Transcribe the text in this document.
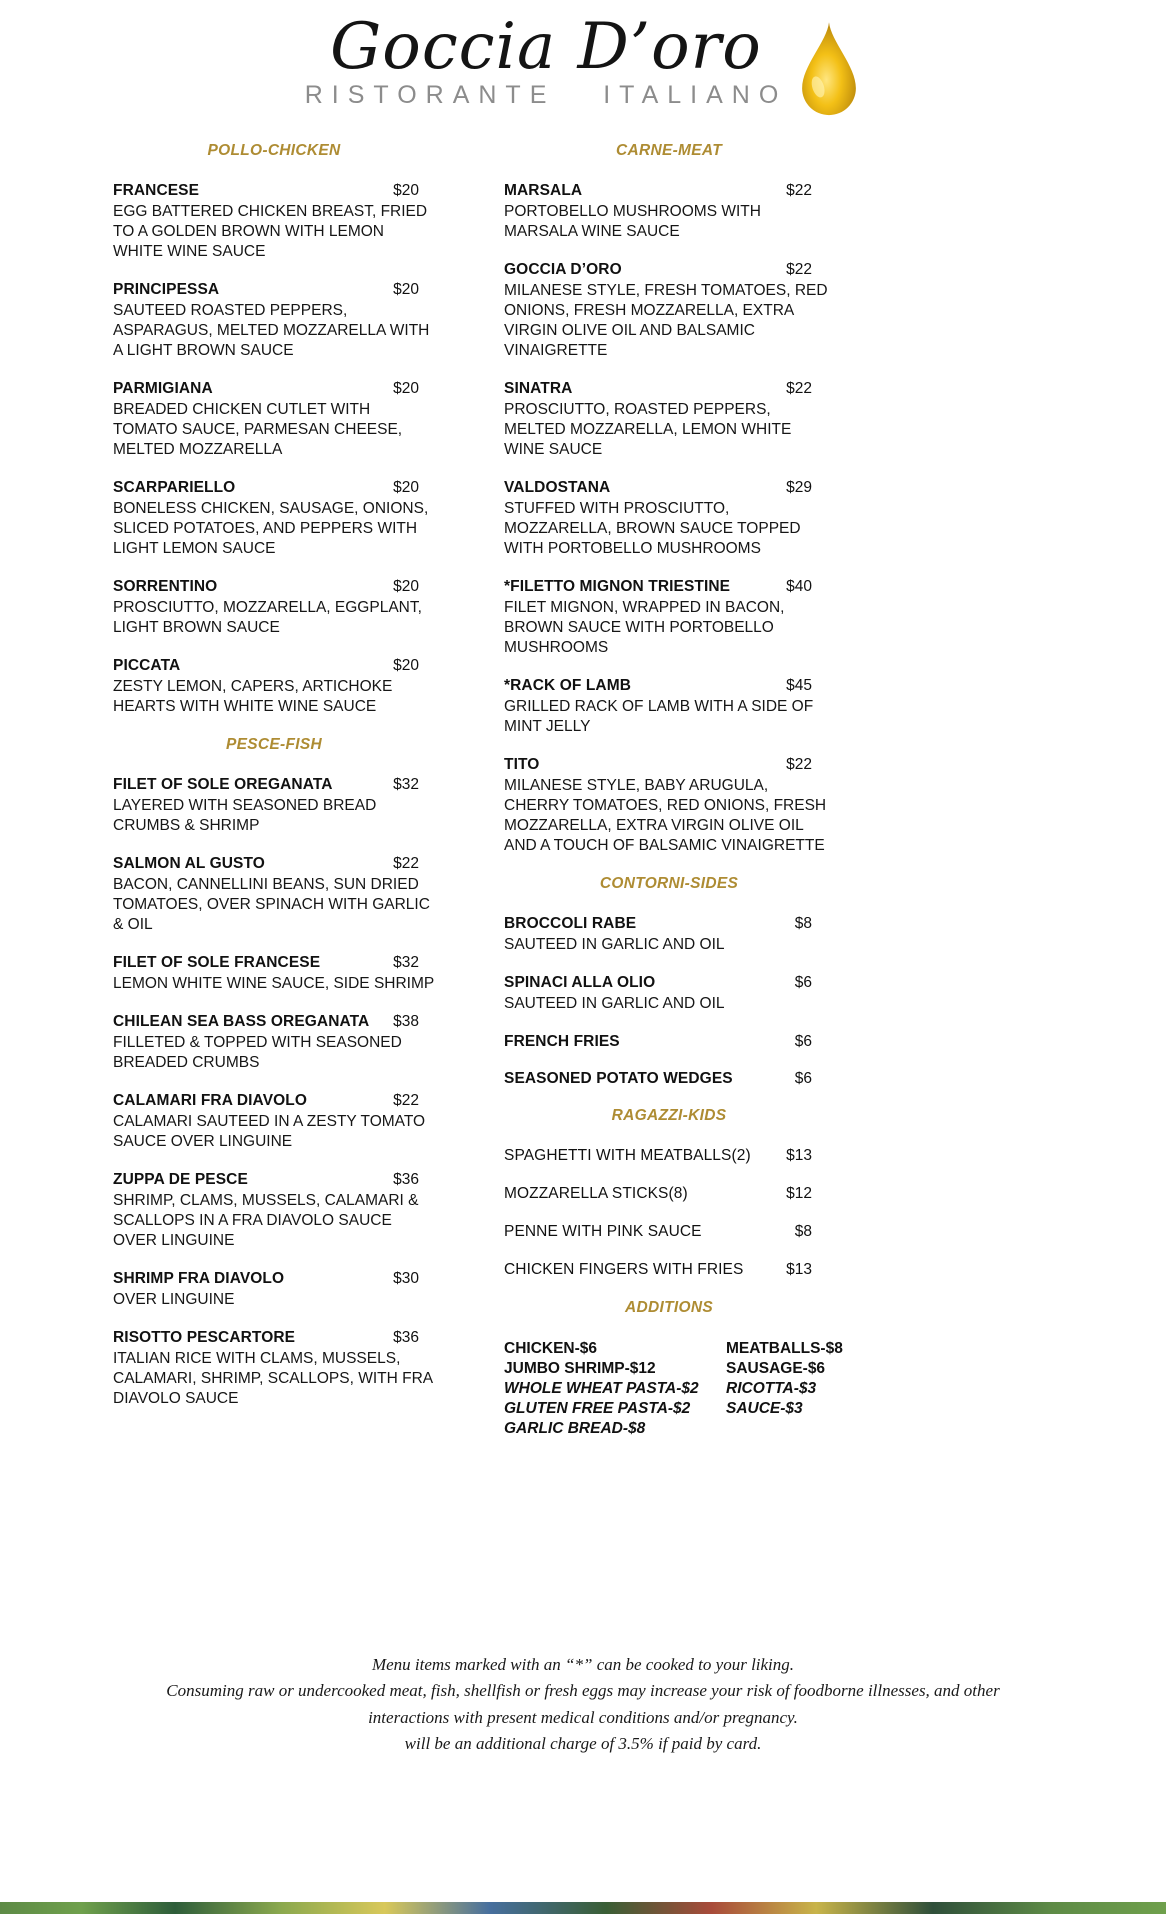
Goccia D’oro
RISTORANTE   ITALIANO
POLLO-CHICKEN
FRANCESE	$20
EGG BATTERED CHICKEN BREAST, FRIED TO A GOLDEN BROWN WITH LEMON WHITE WINE SAUCE
PRINCIPESSA	$20
SAUTEED ROASTED PEPPERS, ASPARAGUS, MELTED MOZZARELLA WITH A LIGHT BROWN SAUCE
PARMIGIANA	$20
BREADED CHICKEN CUTLET WITH TOMATO SAUCE, PARMESAN CHEESE, MELTED MOZZARELLA
SCARPARIELLO	$20
BONELESS CHICKEN, SAUSAGE, ONIONS, SLICED POTATOES, AND PEPPERS WITH LIGHT LEMON SAUCE
SORRENTINO	$20
PROSCIUTTO, MOZZARELLA, EGGPLANT, LIGHT BROWN SAUCE
PICCATA	$20
ZESTY LEMON, CAPERS, ARTICHOKE HEARTS WITH WHITE WINE SAUCE
PESCE-FISH
FILET OF SOLE OREGANATA	$32
LAYERED WITH SEASONED BREAD CRUMBS & SHRIMP
SALMON AL GUSTO	$22
BACON, CANNELLINI BEANS, SUN DRIED TOMATOES, OVER SPINACH WITH GARLIC & OIL
FILET OF SOLE FRANCESE	$32
LEMON WHITE WINE SAUCE, SIDE SHRIMP
CHILEAN SEA BASS OREGANATA $38
FILLETED & TOPPED WITH SEASONED BREADED CRUMBS
CALAMARI FRA DIAVOLO	$22
CALAMARI SAUTEED IN A ZESTY TOMATO SAUCE OVER LINGUINE
ZUPPA DE PESCE	$36
SHRIMP, CLAMS, MUSSELS, CALAMARI & SCALLOPS IN A FRA DIAVOLO SAUCE OVER LINGUINE
SHRIMP FRA DIAVOLO	$30
OVER LINGUINE
RISOTTO PESCARTORE	$36
ITALIAN RICE WITH CLAMS, MUSSELS, CALAMARI, SHRIMP, SCALLOPS, WITH FRA DIAVOLO SAUCE
CARNE-MEAT
MARSALA	$22
PORTOBELLO MUSHROOMS WITH MARSALA WINE SAUCE
GOCCIA D’ORO	$22
MILANESE STYLE, FRESH TOMATOES, RED ONIONS, FRESH MOZZARELLA, EXTRA VIRGIN OLIVE OIL AND BALSAMIC VINAIGRETTE
SINATRA	$22
PROSCIUTTO, ROASTED PEPPERS, MELTED MOZZARELLA, LEMON WHITE WINE SAUCE
VALDOSTANA	$29
STUFFED WITH PROSCIUTTO, MOZZARELLA, BROWN SAUCE TOPPED WITH PORTOBELLO MUSHROOMS
*FILETTO MIGNON TRIESTINE	$40
FILET MIGNON, WRAPPED IN BACON, BROWN SAUCE WITH PORTOBELLO MUSHROOMS
*RACK OF LAMB	$45
GRILLED RACK OF LAMB WITH A SIDE OF MINT JELLY
TITO	$22
MILANESE STYLE, BABY ARUGULA, CHERRY TOMATOES, RED ONIONS, FRESH MOZZARELLA, EXTRA VIRGIN OLIVE OIL AND A TOUCH OF BALSAMIC VINAIGRETTE
CONTORNI-SIDES
BROCCOLI RABE	$8
SAUTEED IN GARLIC AND OIL
SPINACI ALLA OLIO	$6
SAUTEED IN GARLIC AND OIL
FRENCH FRIES	$6
SEASONED POTATO WEDGES	$6
RAGAZZI-KIDS
SPAGHETTI WITH MEATBALLS(2) $13
MOZZARELLA STICKS(8)	$12
PENNE WITH PINK SAUCE	$8
CHICKEN FINGERS WITH FRIES	$13
ADDITIONS
CHICKEN-$6	MEATBALLS-$8
JUMBO SHRIMP-$12	SAUSAGE-$6
WHOLE WHEAT PASTA-$2	RICOTTA-$3
GLUTEN FREE PASTA-$2	SAUCE-$3
GARLIC BREAD-$8
Menu items marked with an “*” can be cooked to your liking.
Consuming raw or undercooked meat, fish, shellfish or fresh eggs may increase your risk of foodborne illnesses, and other
interactions with present medical conditions and/or pregnancy.
will be an additional charge of 3.5% if paid by card.
